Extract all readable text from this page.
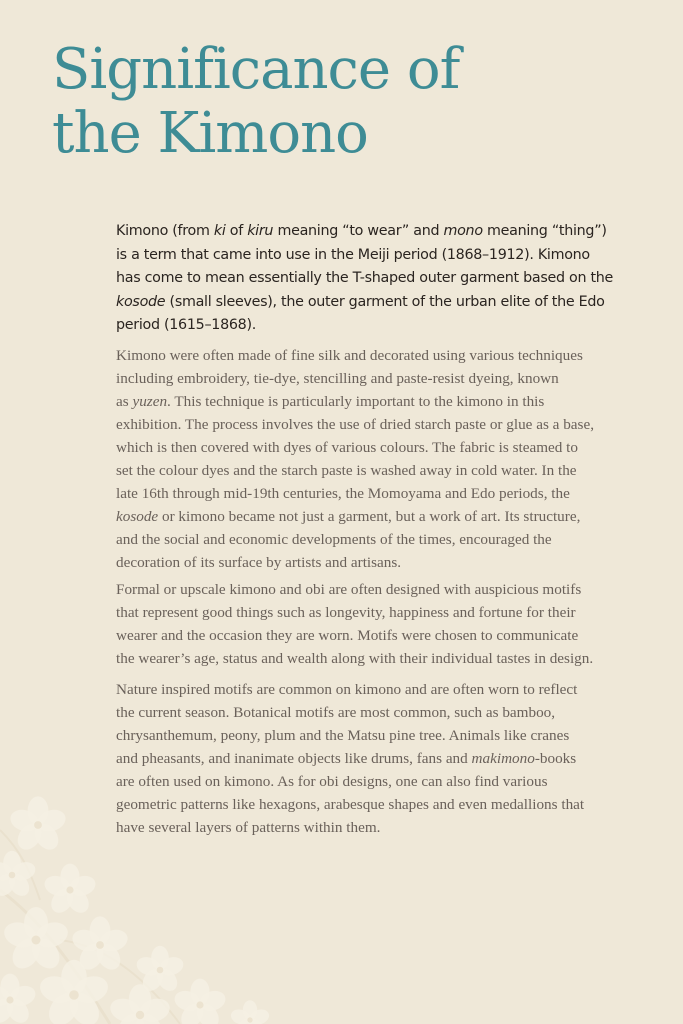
Significance of
the Kimono

Kimono (from ki of kiru meaning “to wear” and mono meaning “thing”)
is a term that came into use in the Meiji period (1868–1912). Kimono
has come to mean essentially the T-shaped outer garment based on the
kosode (small sleeves), the outer garment of the urban elite of the Edo
period (1615–1868).

Kimono were often made of fine silk and decorated using various techniques
including embroidery, tie-dye, stencilling and paste-resist dyeing, known
as yuzen. This technique is particularly important to the kimono in this
exhibition. The process involves the use of dried starch paste or glue as a base,
which is then covered with dyes of various colours. The fabric is steamed to
set the colour dyes and the starch paste is washed away in cold water. In the
late 16th through mid-19th centuries, the Momoyama and Edo periods, the
kosode or kimono became not just a garment, but a work of art. Its structure,
and the social and economic developments of the times, encouraged the
decoration of its surface by artists and artisans.

Formal or upscale kimono and obi are often designed with auspicious motifs
that represent good things such as longevity, happiness and fortune for their
wearer and the occasion they are worn. Motifs were chosen to communicate
the wearer’s age, status and wealth along with their individual tastes in design.

Nature inspired motifs are common on kimono and are often worn to reflect
the current season. Botanical motifs are most common, such as bamboo,
chrysanthemum, peony, plum and the Matsu pine tree. Animals like cranes
and pheasants, and inanimate objects like drums, fans and makimono-books
are often used on kimono. As for obi designs, one can also find various
geometric patterns like hexagons, arabesque shapes and even medallions that
have several layers of patterns within them.
